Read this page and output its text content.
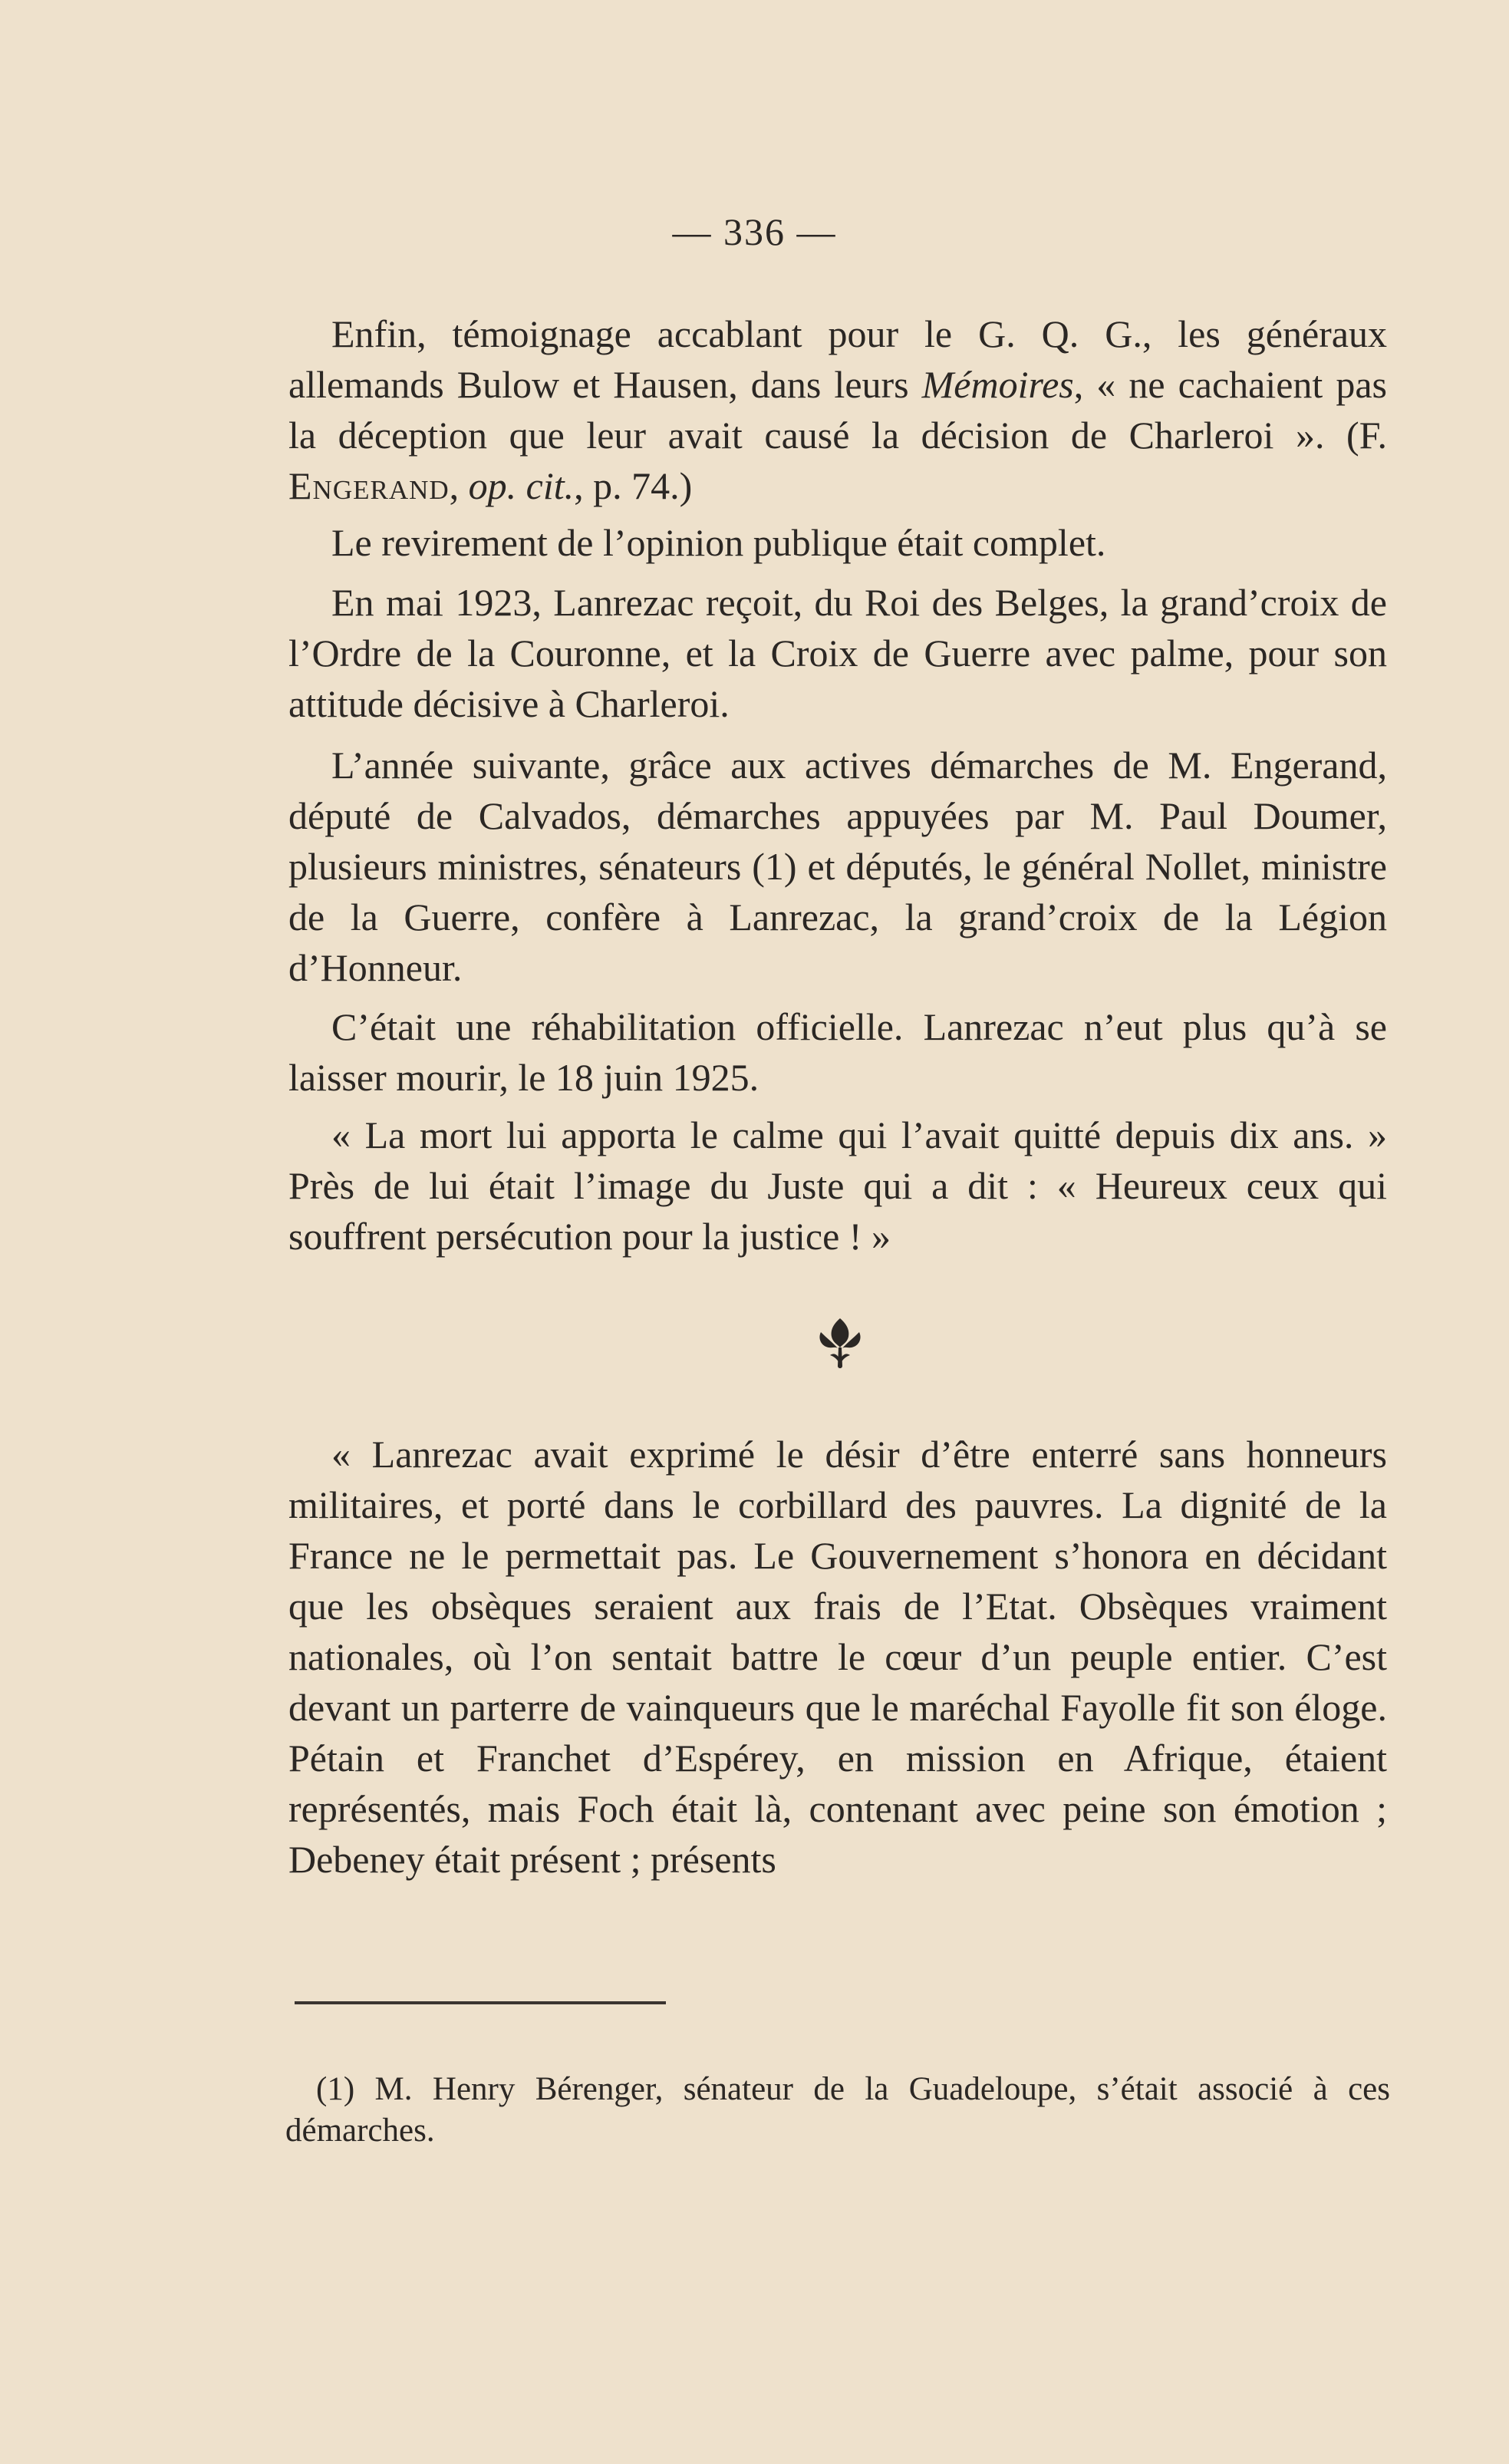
— 336 —

Enfin, témoignage accablant pour le G. Q. G., les généraux allemands Bulow et Hausen, dans leurs Mémoires, « ne cachaient pas la déception que leur avait causé la décision de Charleroi ». (F. Engerand, op. cit., p. 74.)

Le revirement de l’opinion publique était complet.

En mai 1923, Lanrezac reçoit, du Roi des Belges, la grand’croix de l’Ordre de la Couronne, et la Croix de Guerre avec palme, pour son attitude décisive à Charleroi.

L’année suivante, grâce aux actives démarches de M. Engerand, député de Calvados, démarches appuyées par M. Paul Doumer, plusieurs ministres, sénateurs (1) et députés, le général Nollet, ministre de la Guerre, confère à Lanrezac, la grand’croix de la Légion d’Honneur.

C’était une réhabilitation officielle. Lanrezac n’eut plus qu’à se laisser mourir, le 18 juin 1925.

« La mort lui apporta le calme qui l’avait quitté depuis dix ans. » Près de lui était l’image du Juste qui a dit : « Heureux ceux qui souffrent persécution pour la justice ! »

« Lanrezac avait exprimé le désir d’être enterré sans honneurs militaires, et porté dans le corbillard des pauvres. La dignité de la France ne le permettait pas. Le Gouvernement s’honora en décidant que les obsèques seraient aux frais de l’Etat. Obsèques vraiment nationales, où l’on sentait battre le cœur d’un peuple entier. C’est devant un parterre de vainqueurs que le maréchal Fayolle fit son éloge. Pétain et Franchet d’Espérey, en mission en Afrique, étaient représentés, mais Foch était là, contenant avec peine son émotion ; Debeney était présent ; présents

(1) M. Henry Bérenger, sénateur de la Guadeloupe, s’était associé à ces démarches.
